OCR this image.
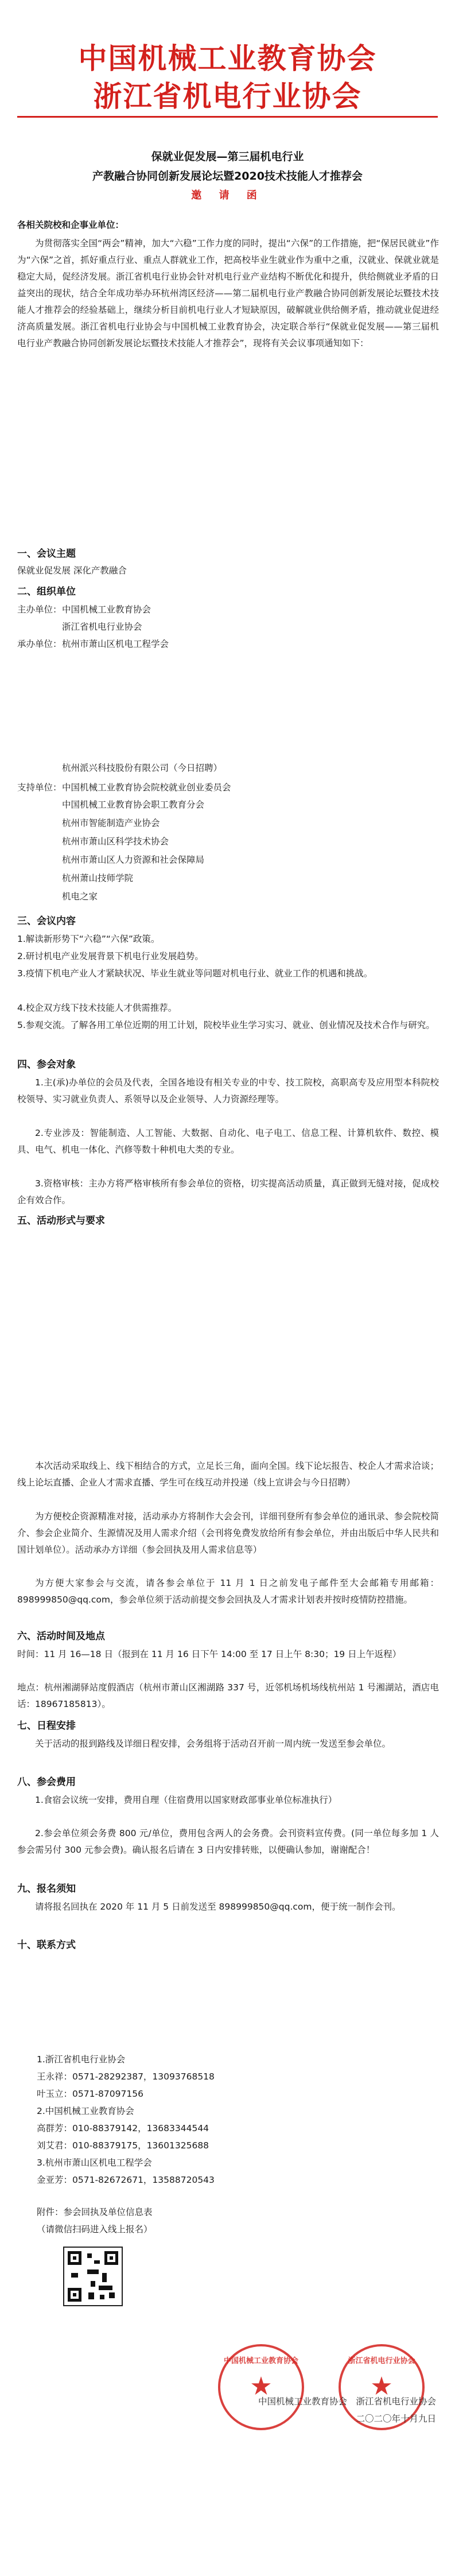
中国机械工业教育协会
浙江省机电行业协会
保就业促发展—第三届机电行业
产教融合协同创新发展论坛暨2020技术技能人才推荐会
邀 请 函
各相关院校和企事业单位：
为贯彻落实全国“两会”精神，加大“六稳”工作力度的同时，提出“六保”的工作措施，把“保居民就业”作为“六保”之首，抓好重点行业、重点人群就业工作，把高校毕业生就业作为重中之重，汉就业、保就业就是稳定大局，促经济发展。浙江省机电行业协会针对机电行业产业结构不断优化和提升，供给侧就业矛盾的日益突出的现状，结合全年成功举办环杭州湾区经济——第二届机电行业产教融合协同创新发展论坛暨技术技能人才推荐会的经验基础上，继续分析目前机电行业人才短缺原因，破解就业供给侧矛盾，推动就业促进经济高质量发展。浙江省机电行业协会与中国机械工业教育协会，决定联合举行“保就业促发展——第三届机电行业产教融合协同创新发展论坛暨技术技能人才推荐会”，现将有关会议事项通知如下：
一、会议主题
保就业促发展 深化产教融合
二、组织单位
主办单位： 中国机械工业教育协会
浙江省机电行业协会
承办单位： 杭州市萧山区机电工程学会
杭州派兴科技股份有限公司（今日招聘）
支持单位： 中国机械工业教育协会院校就业创业委员会
中国机械工业教育协会职工教育分会
杭州市智能制造产业协会
杭州市萧山区科学技术协会
杭州市萧山区人力资源和社会保障局
杭州萧山技师学院
机电之家
三、会议内容
1.解读新形势下“六稳”“六保”政策。
2.研讨机电产业发展背景下机电行业发展趋势。
3.疫情下机电产业人才紧缺状况、毕业生就业等问题对机电行业、就业工作的机遇和挑战。
4.校企双方线下技术技能人才供需推荐。
5.参观交流。了解各用工单位近期的用工计划，院校毕业生学习实习、就业、创业情况及技术合作与研究。
四、参会对象
1.主(承)办单位的会员及代表，全国各地设有相关专业的中专、技工院校，高职高专及应用型本科院校校领导、实习就业负责人、系领导以及企业领导、人力资源经理等。
2.专业涉及：智能制造、人工智能、大数据、自动化、电子电工、信息工程、计算机软件、数控、模具、电气、机电一体化、汽修等数十种机电大类的专业。
3.资格审核：主办方将严格审核所有参会单位的资格，切实提高活动质量，真正做到无缝对接，促成校企有效合作。
五、活动形式与要求
本次活动采取线上、线下相结合的方式，立足长三角，面向全国。线下论坛报告、校企人才需求洽谈；线上论坛直播、企业人才需求直播、学生可在线互动并投递（线上宣讲会与今日招聘）
为方便校企资源精准对接，活动承办方将制作大会会刊，详细刊登所有参会单位的通讯录、参会院校简介、参会企业简介、生源情况及用人需求介绍（会刊将免费发放给所有参会单位，并由出版后中华人民共和国计划单位）。活动承办方详细（参会回执及用人需求信息等）
为方便大家参会与交流，请各参会单位于 11 月 1 日之前发电子邮件至大会邮箱专用邮箱：898999850@qq.com，参会单位须于活动前提交参会回执及人才需求计划表并按时疫情防控措施。
六、活动时间及地点
时间：11 月 16—18 日（报到在 11 月 16 日下午 14:00 至 17 日上午 8:30；19 日上午返程）
地点：杭州湘湖驿站度假酒店（杭州市萧山区湘湖路 337 号，近邻机场机场线杭州站 1 号湘湖站，酒店电话：18967185813）。
七、日程安排
关于活动的报到路线及详细日程安排，会务组将于活动召开前一周内统一发送至参会单位。
八、参会费用
1.食宿会议统一安排，费用自理（住宿费用以国家财政部事业单位标准执行）
2.参会单位须会务费 800 元/单位，费用包含两人的会务费。会刊资料宣传费。(同一单位每多加 1 人参会需另付 300 元参会费)。确认报名后请在 3 日内安排转账，以便确认参加，谢谢配合！
九、报名须知
请将报名回执在 2020 年 11 月 5 日前发送至 898999850@qq.com，便于统一制作会刊。
十、联系方式
1.浙江省机电行业协会
王永祥：0571-28292387，13093768518
叶玉立：0571-87097156
2.中国机械工业教育协会
高群芳：010-88379142，13683344544
刘艾君：010-88379175，13601325688
3.杭州市萧山区机电工程学会
金亚芳：0571-82672671，13588720543
附件：参会回执及单位信息表
（请微信扫码进入线上报名）
中国机械工业教育协会
★
浙江省机电行业协会
★
中国机械工业教育协会　浙江省机电行业协会
二〇二〇年十月九日
